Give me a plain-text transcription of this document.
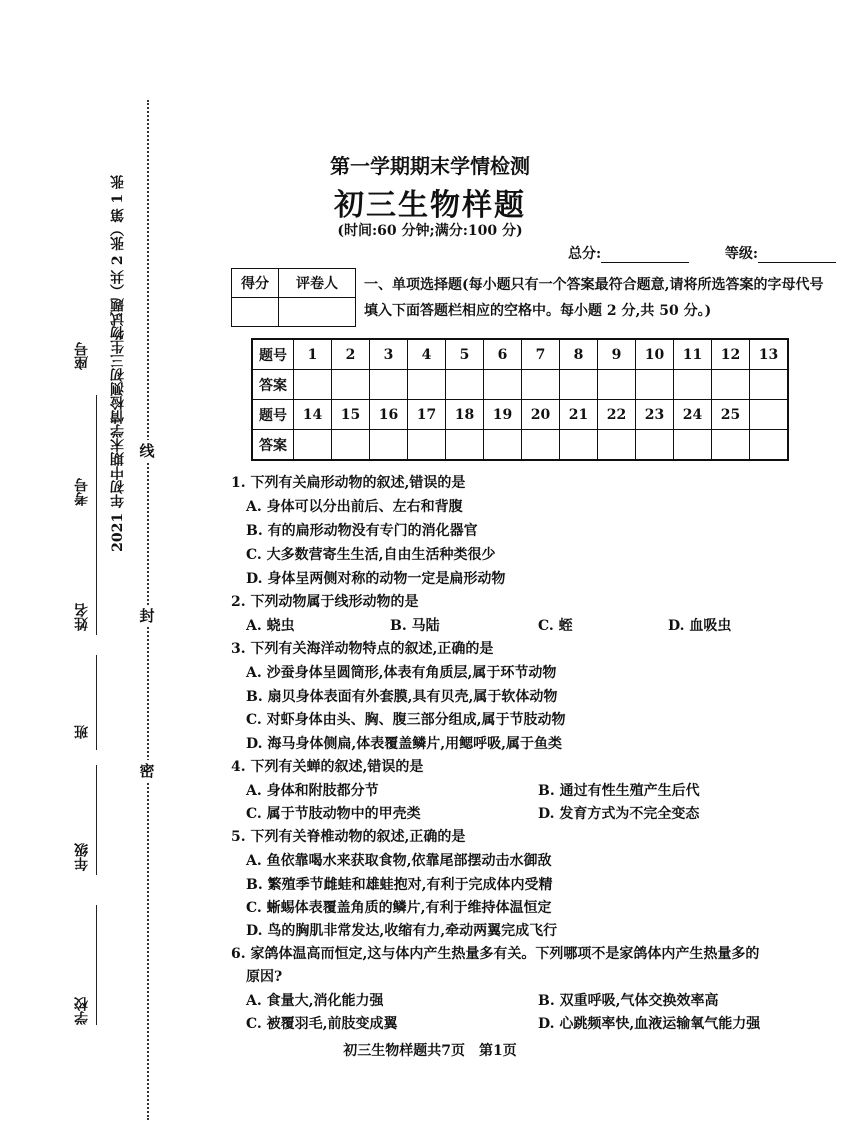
线
封
密
2021 年初中期末学情检测初三生物试题（共 2 张）第 1 张
学校
年级
班
姓名
考号
座号
第一学期期末学情检测
初三生物样题
(时间:60 分钟;满分:100 分)
总分:	等级:
得分	评卷人
	一、单项选择题(每小题只有一个答案最符合题意,请将所选答案的字母代号填入下面答题栏相应的空格中。每小题 2 分,共 50 分。)
题号	1	2	3	4	5	6	7	8	9	10	11	12	13
答案													
题号	14	15	16	17	18	19	20	21	22	23	24	25	
答案													
1. 下列有关扁形动物的叙述,错误的是
A. 身体可以分出前后、左右和背腹
B. 有的扁形动物没有专门的消化器官
C. 大多数营寄生生活,自由生活种类很少
D. 身体呈两侧对称的动物一定是扁形动物
2. 下列动物属于线形动物的是
A. 蛲虫	B. 马陆	C. 蛭	D. 血吸虫
3. 下列有关海洋动物特点的叙述,正确的是
A. 沙蚕身体呈圆筒形,体表有角质层,属于环节动物
B. 扇贝身体表面有外套膜,具有贝壳,属于软体动物
C. 对虾身体由头、胸、腹三部分组成,属于节肢动物
D. 海马身体侧扁,体表覆盖鳞片,用鳃呼吸,属于鱼类
4. 下列有关蝉的叙述,错误的是
A. 身体和附肢都分节	B. 通过有性生殖产生后代
C. 属于节肢动物中的甲壳类	D. 发育方式为不完全变态
5. 下列有关脊椎动物的叙述,正确的是
A. 鱼依靠喝水来获取食物,依靠尾部摆动击水御敌
B. 繁殖季节雌蛙和雄蛙抱对,有利于完成体内受精
C. 蜥蜴体表覆盖角质的鳞片,有利于维持体温恒定
D. 鸟的胸肌非常发达,收缩有力,牵动两翼完成飞行
6. 家鸽体温高而恒定,这与体内产生热量多有关。下列哪项不是家鸽体内产生热量多的
原因?
A. 食量大,消化能力强	B. 双重呼吸,气体交换效率高
C. 被覆羽毛,前肢变成翼	D. 心跳频率快,血液运输氧气能力强
初三生物样题共7页　第1页
